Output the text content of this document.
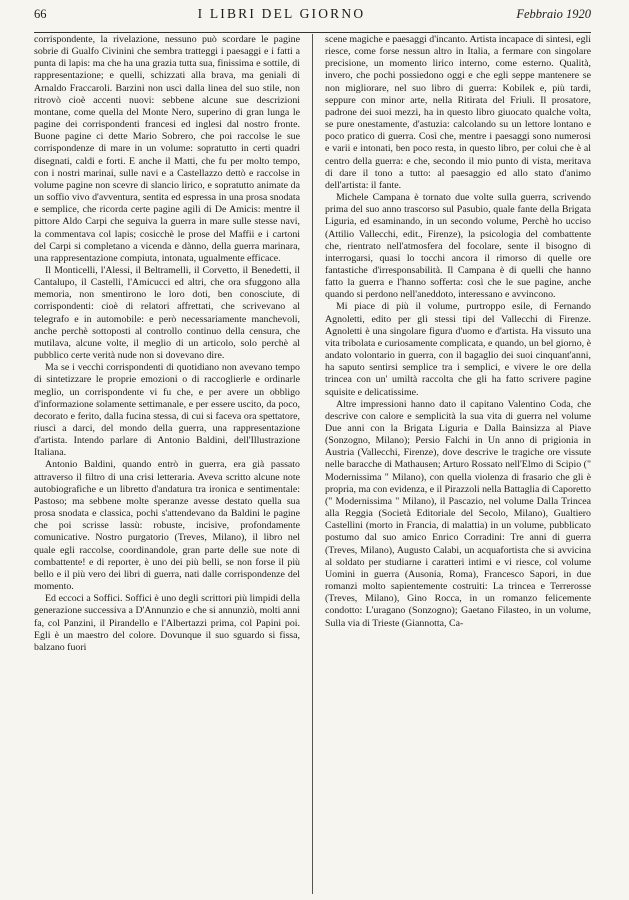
66	I LIBRI DEL GIORNO	Febbraio 1920

corrispondente, la rivelazione, nessuno può scordare le pagine sobrie di Gualfo Civinini che sembra tratteggi i paesaggi e i fatti a punta di lapis: ma che ha una grazia tutta sua, finissima e sottile, di rappresentazione; e quelli, schizzati alla brava, ma geniali di Arnaldo Fraccaroli. Barzini non uscì dalla linea del suo stile, non ritrovò cioè accenti nuovi: sebbene alcune sue descrizioni montane, come quella del Monte Nero, superino di gran lunga le pagine dei corrispondenti francesi ed inglesi dal nostro fronte. Buone pagine ci dette Mario Sobrero, che poi raccolse le sue corrispondenze di mare in un volume: sopratutto in certi quadri disegnati, caldi e forti. E anche il Matti, che fu per molto tempo, con i nostri marinai, sulle navi e a Castellazzo dettò e raccolse in volume pagine non scevre di slancio lirico, e sopratutto animate da un soffio vivo d'avventura, sentita ed espressa in una prosa snodata e semplice, che ricorda certe pagine agili di De Amicis: mentre il pittore Aldo Carpi che seguiva la guerra in mare sulle stesse navi, la commentava col lapis; cosicchè le prose del Maffii e i cartoni del Carpi si completano a vicenda e dànno, della guerra marinara, una rappresentazione compiuta, intonata, ugualmente efficace.

Il Monticelli, l'Alessi, il Beltramelli, il Corvetto, il Benedetti, il Cantalupo, il Castelli, l'Amicucci ed altri, che ora sfuggono alla memoria, non smentirono le loro doti, ben conosciute, di corrispondenti: cioè di relatori affrettati, che scrivevano al telegrafo e in automobile: e però necessariamente manchevoli, anche perchè sottoposti al controllo continuo della censura, che mutilava, alcune volte, il meglio di un articolo, solo perchè al pubblico certe verità nude non si dovevano dire.

Ma se i vecchi corrispondenti di quotidiano non avevano tempo di sintetizzare le proprie emozioni o di raccoglierle e ordinarle meglio, un corrispondente vi fu che, e per avere un obbligo d'informazione solamente settimanale, e per essere uscito, da poco, decorato e ferito, dalla fucina stessa, di cui si faceva ora spettatore, riuscì a darci, del mondo della guerra, una rappresentazione d'artista. Intendo parlare di Antonio Baldini, dell'Illustrazione Italiana.

Antonio Baldini, quando entrò in guerra, era già passato attraverso il filtro di una crisi letteraria. Aveva scritto alcune note autobiografiche e un libretto d'andatura tra ironica e sentimentale: Pastoso; ma sebbene molte speranze avesse destato quella sua prosa snodata e classica, pochi s'attendevano da Baldini le pagine che poi scrisse lassù: robuste, incisive, profondamente comunicative. Nostro purgatorio (Treves, Milano), il libro nel quale egli raccolse, coordinandole, gran parte delle sue note di combattente! e di reporter, è uno dei più belli, se non forse il più bello e il più vero dei libri di guerra, nati dalle corrispondenze del momento.

Ed eccoci a Soffici. Soffici è uno degli scrittori più limpidi della generazione successiva a D'Annunzio e che si annunziò, molti anni fa, col Panzini, il Pirandello e l'Albertazzi prima, col Papini poi. Egli è un maestro del colore. Dovunque il suo sguardo si fissa, balzano fuori

scene magiche e paesaggi d'incanto. Artista incapace di sintesi, egli riesce, come forse nessun altro in Italia, a fermare con singolare precisione, un momento lirico interno, come esterno. Qualità, invero, che pochi possiedono oggi e che egli seppe mantenere se non migliorare, nel suo libro di guerra: Kobilek e, più tardi, seppure con minor arte, nella Ritirata del Friuli. Il prosatore, padrone dei suoi mezzi, ha in questo libro giuocato qualche volta, se pure onestamente, d'astuzia: calcolando su un lettore lontano e poco pratico di guerra. Così che, mentre i paesaggi sono numerosi e varii e intonati, ben poco resta, in questo libro, per colui che è al centro della guerra: e che, secondo il mio punto di vista, meritava di dare il tono a tutto: al paesaggio ed allo stato d'animo dell'artista: il fante.

Michele Campana è tornato due volte sulla guerra, scrivendo prima del suo anno trascorso sul Pasubio, quale fante della Brigata Liguria, ed esaminando, in un secondo volume, Perchè ho ucciso (Attilio Vallecchi, edit., Firenze), la psicologia del combattente che, rientrato nell'atmosfera del focolare, sente il bisogno di interrogarsi, quasi lo tocchi ancora il rimorso di quelle ore fantastiche d'irresponsabilità. Il Campana è di quelli che hanno fatto la guerra e l'hanno sofferta: così che le sue pagine, anche quando si perdono nell'aneddoto, interessano e avvincono.

Mi piace di più il volume, purtroppo esile, di Fernando Agnoletti, edito per gli stessi tipi del Vallecchi di Firenze. Agnoletti è una singolare figura d'uomo e d'artista. Ha vissuto una vita tribolata e curiosamente complicata, e quando, un bel giorno, è andato volontario in guerra, con il bagaglio dei suoi cinquant'anni, ha saputo sentirsi semplice tra i semplici, e vivere le ore della trincea con un' umiltà raccolta che gli ha fatto scrivere pagine squisite e delicatissime.

Altre impressioni hanno dato il capitano Valentino Coda, che descrive con calore e semplicità la sua vita di guerra nel volume Due anni con la Brigata Liguria e Dalla Bainsizza al Piave (Sonzogno, Milano); Persio Falchi in Un anno di prigionia in Austria (Vallecchi, Firenze), dove descrive le tragiche ore vissute nelle baracche di Mathausen; Arturo Rossato nell'Elmo di Scipio (" Modernissima " Milano), con quella violenza di frasario che gli è propria, ma con evidenza, e il Pirazzoli nella Battaglia di Caporetto (" Modernissima " Milano), il Pascazio, nel volume Dalla Trincea alla Reggia (Società Editoriale del Secolo, Milano), Gualtiero Castellini (morto in Francia, di malattia) in un volume, pubblicato postumo dal suo amico Enrico Corradini: Tre anni di guerra (Treves, Milano), Augusto Calabi, un acquafortista che si avvicina al soldato per studiarne i caratteri intimi e vi riesce, col volume Uomini in guerra (Ausonia, Roma), Francesco Sapori, in due romanzi molto sapientemente costruiti: La trincea e Terrerosse (Treves, Milano), Gino Rocca, in un romanzo felicemente condotto: L'uragano (Sonzogno); Gaetano Filasteo, in un volume, Sulla via di Trieste (Giannotta, Ca-
